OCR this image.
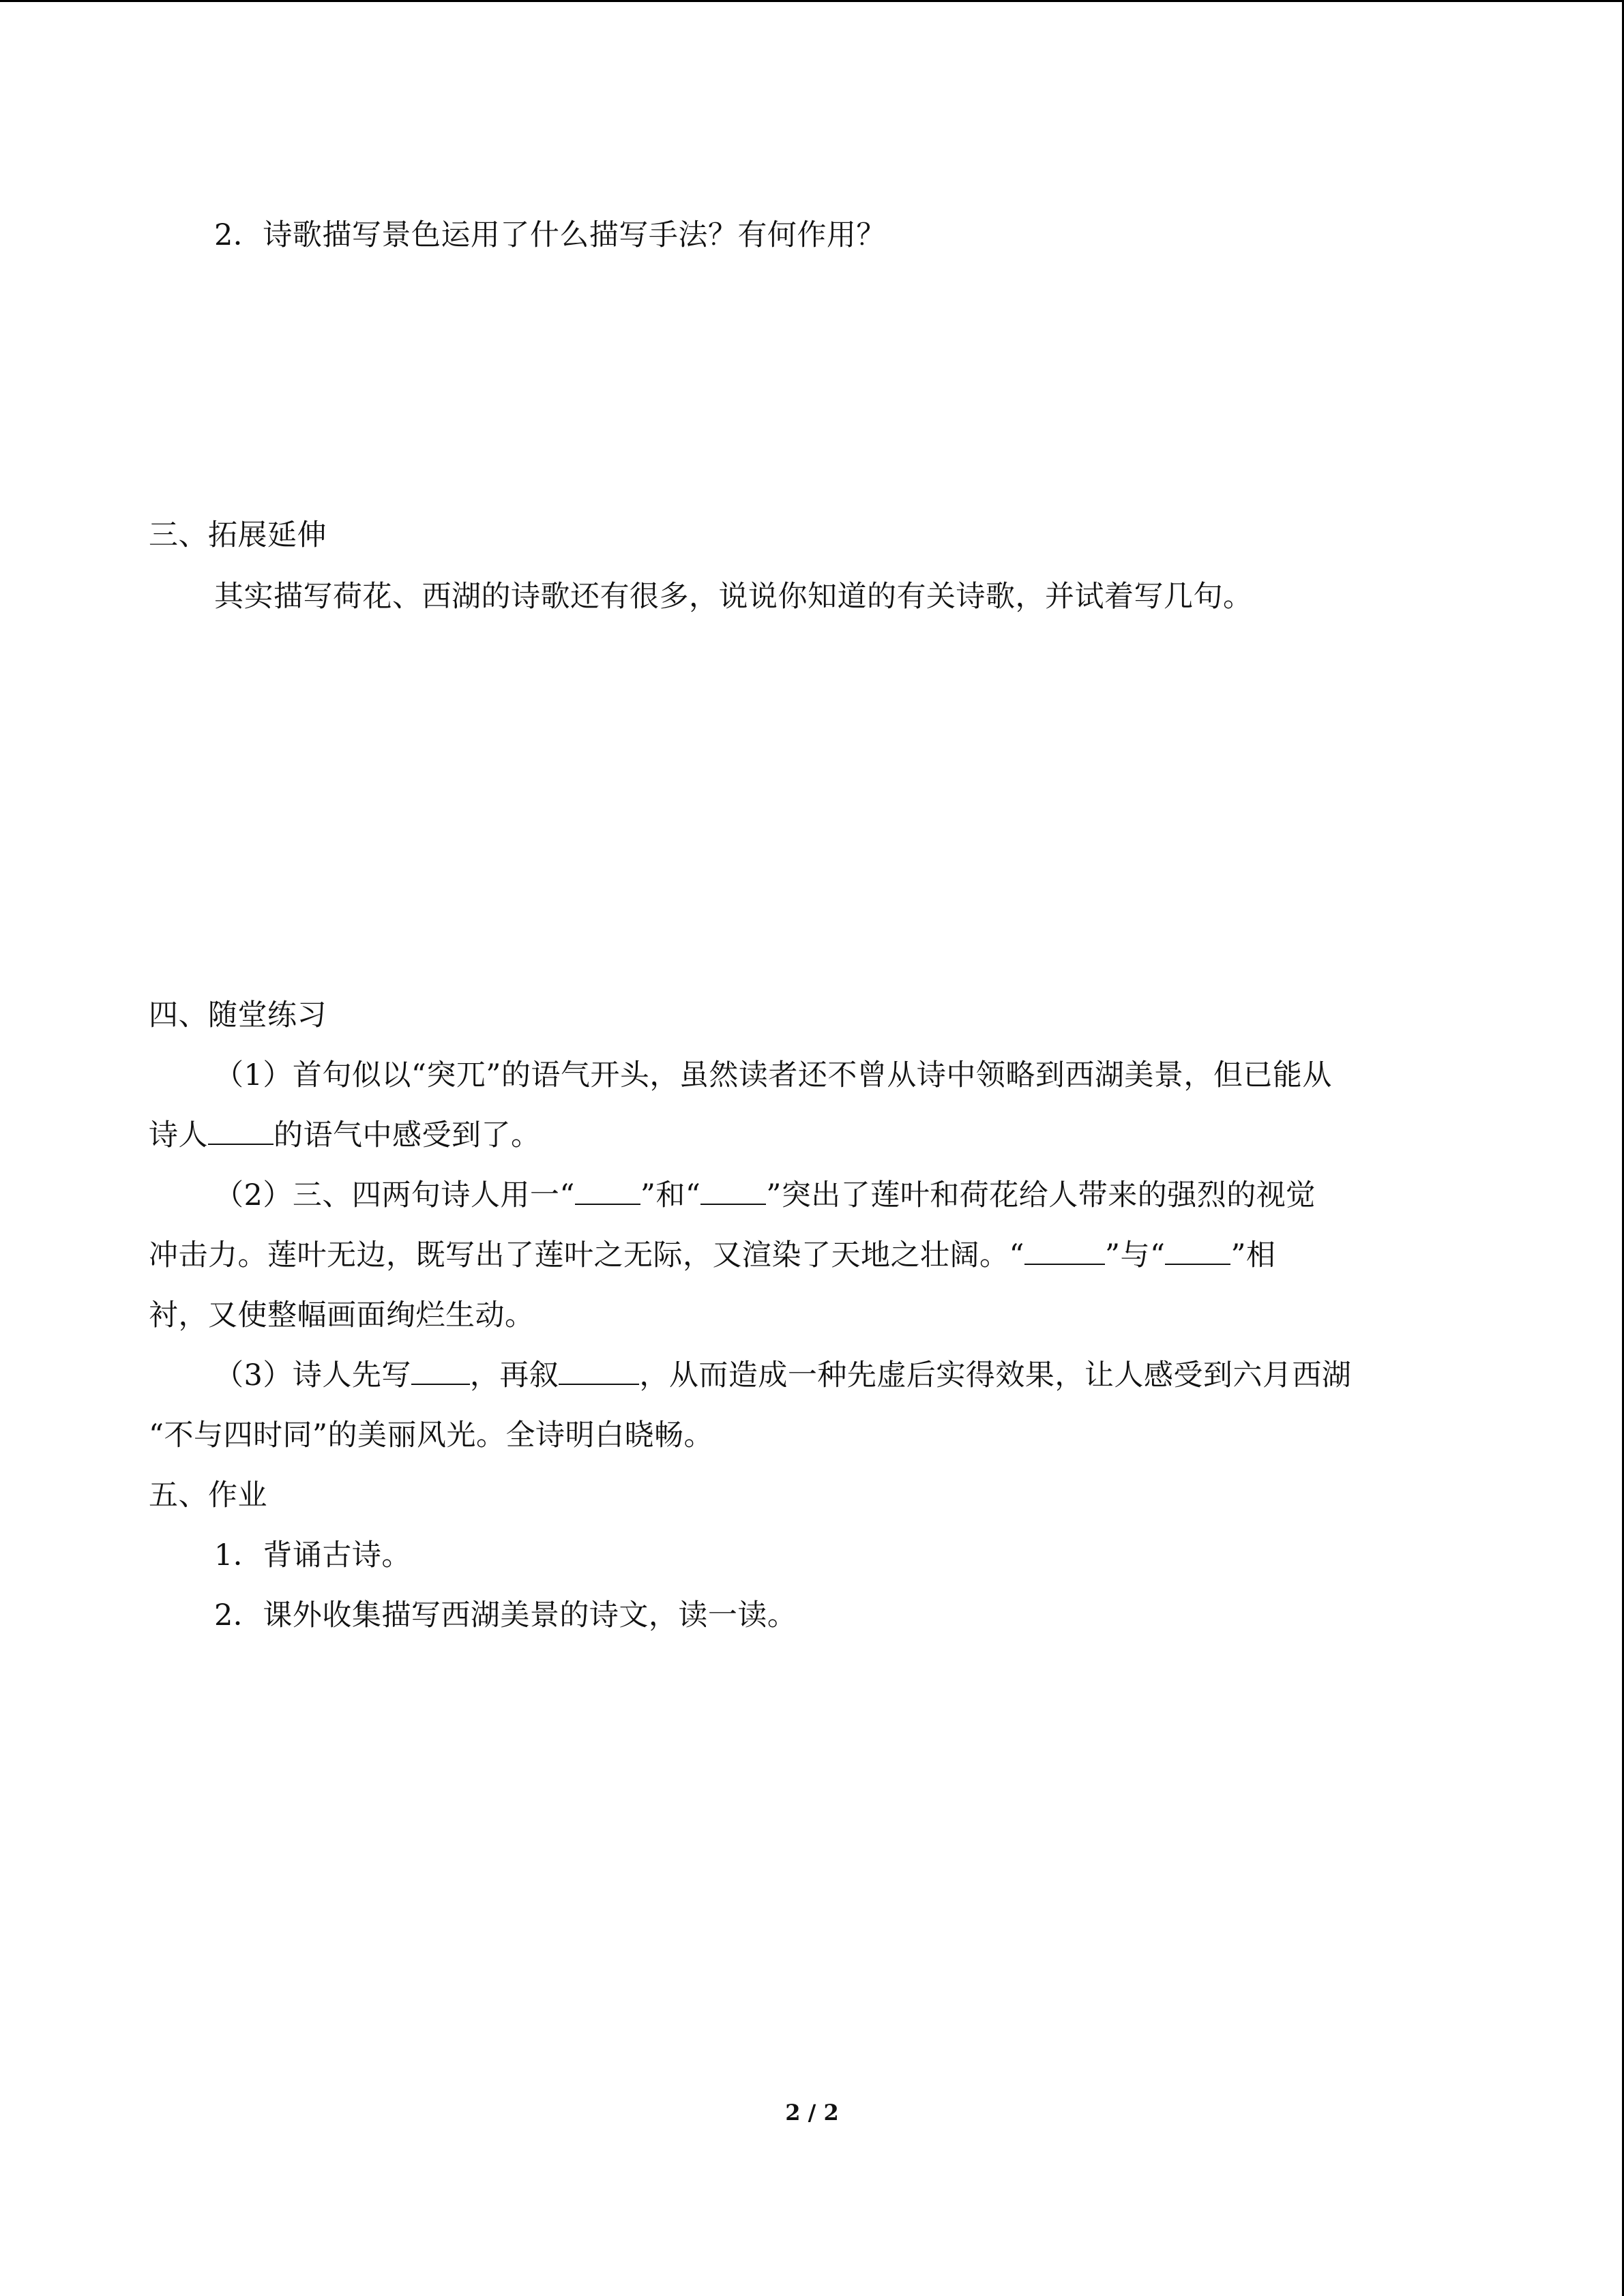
2．诗歌描写景色运用了什么描写手法？有何作用？
三、拓展延伸
其实描写荷花、西湖的诗歌还有很多，说说你知道的有关诗歌，并试着写几句。
四、随堂练习
（1）首句似以“突兀”的语气开头，虽然读者还不曾从诗中领略到西湖美景，但已能从
诗人 的语气中感受到了。
（2）三、四两句诗人用一“ ”和“ ”突出了莲叶和荷花给人带来的强烈的视觉
冲击力。莲叶无边，既写出了莲叶之无际，又渲染了天地之壮阔。“	”与“ ”相
衬，又使整幅画面绚烂生动。
（3）诗人先写 ，再叙	，从而造成一种先虚后实得效果，让人感受到六月西湖
“不与四时同”的美丽风光。全诗明白晓畅。
五、作业
1．背诵古诗。
2．课外收集描写西湖美景的诗文，读一读。
2 / 2
